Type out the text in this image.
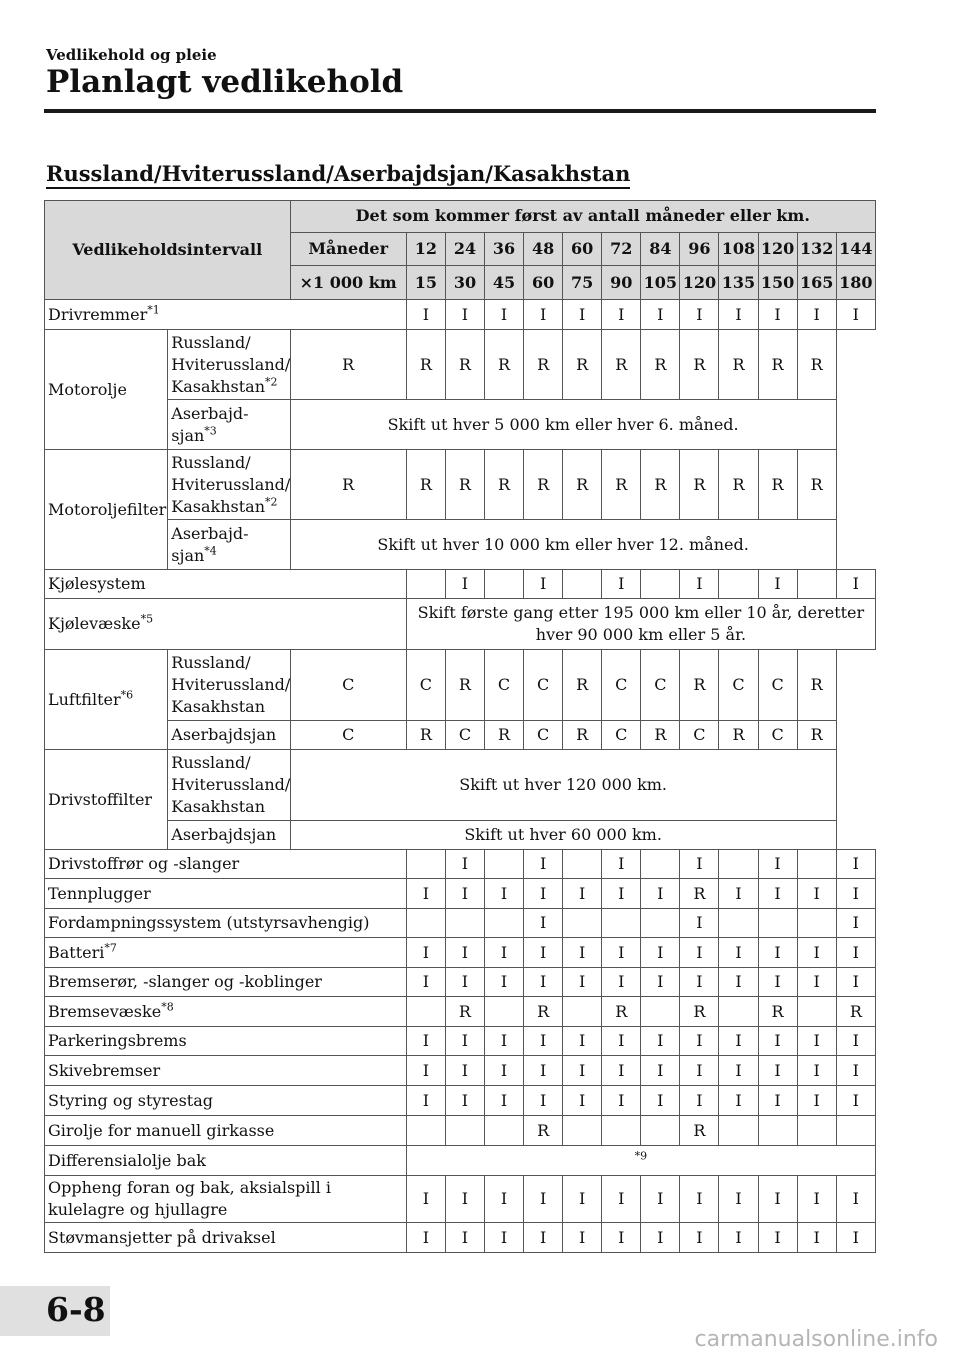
Vedlikehold og pleie
Planlagt vedlikehold
Russland/Hviterussland/Aserbajdsjan/Kasakhstan
Vedlikeholdsintervall		Det som kommer først av antall måneder eller km.												
		Måneder	12	24	36	48	60	72	84	96	108	120	132	144
		×1 000 km	15	30	45	60	75	90	105	120	135	150	165	180
Drivremmer$^{*1}$			I	I	I	I	I	I	I	I	I	I	I	I
Motorolje	Russland/
Hviterussland/
Kasakhstan$^{*2}$	R	R	R	R	R	R	R	R	R	R	R	R	
	Aserbajd-
sjan$^{*3}$	Skift ut hver 5 000 km eller hver 6. måned.												
Motoroljefilter	Russland/
Hviterussland/
Kasakhstan$^{*2}$	R	R	R	R	R	R	R	R	R	R	R	R	
	Aserbajd-
sjan$^{*4}$	Skift ut hver 10 000 km eller hver 12. måned.												
Kjølesystem				I		I		I		I		I		I
Kjølevæske$^{*5}$			Skift første gang etter 195 000 km eller 10 år, deretter hver 90 000 km eller 5 år.											
Luftfilter$^{*6}$	Russland/
Hviterussland/
Kasakhstan	C	C	R	C	C	R	C	C	R	C	C	R	
	Aserbajdsjan	C	R	C	R	C	R	C	R	C	R	C	R	
Drivstoffilter	Russland/
Hviterussland/
Kasakhstan	Skift ut hver 120 000 km.												
	Aserbajdsjan	Skift ut hver 60 000 km.												
Drivstoffrør og -slanger				I		I		I		I		I		I
Tennplugger			I	I	I	I	I	I	I	R	I	I	I	I
Fordampningssystem (utstyrsavhengig)						I				I				I
Batteri$^{*7}$			I	I	I	I	I	I	I	I	I	I	I	I
Bremserør, -slanger og -koblinger			I	I	I	I	I	I	I	I	I	I	I	I
Bremsevæske$^{*8}$				R		R		R		R		R		R
Parkeringsbrems			I	I	I	I	I	I	I	I	I	I	I	I
Skivebremser			I	I	I	I	I	I	I	I	I	I	I	I
Styring og styrestag			I	I	I	I	I	I	I	I	I	I	I	I
Girolje for manuell girkasse						R				R				
Differensialolje bak			$^{*9}$
Oppheng foran og bak, aksialspill i kulelagre og hjullagre			I	I	I	I	I	I	I	I	I	I	I	I
Støvmansjetter på drivaksel			I	I	I	I	I	I	I	I	I	I	I	I
6-8
carmanualsonline.info
